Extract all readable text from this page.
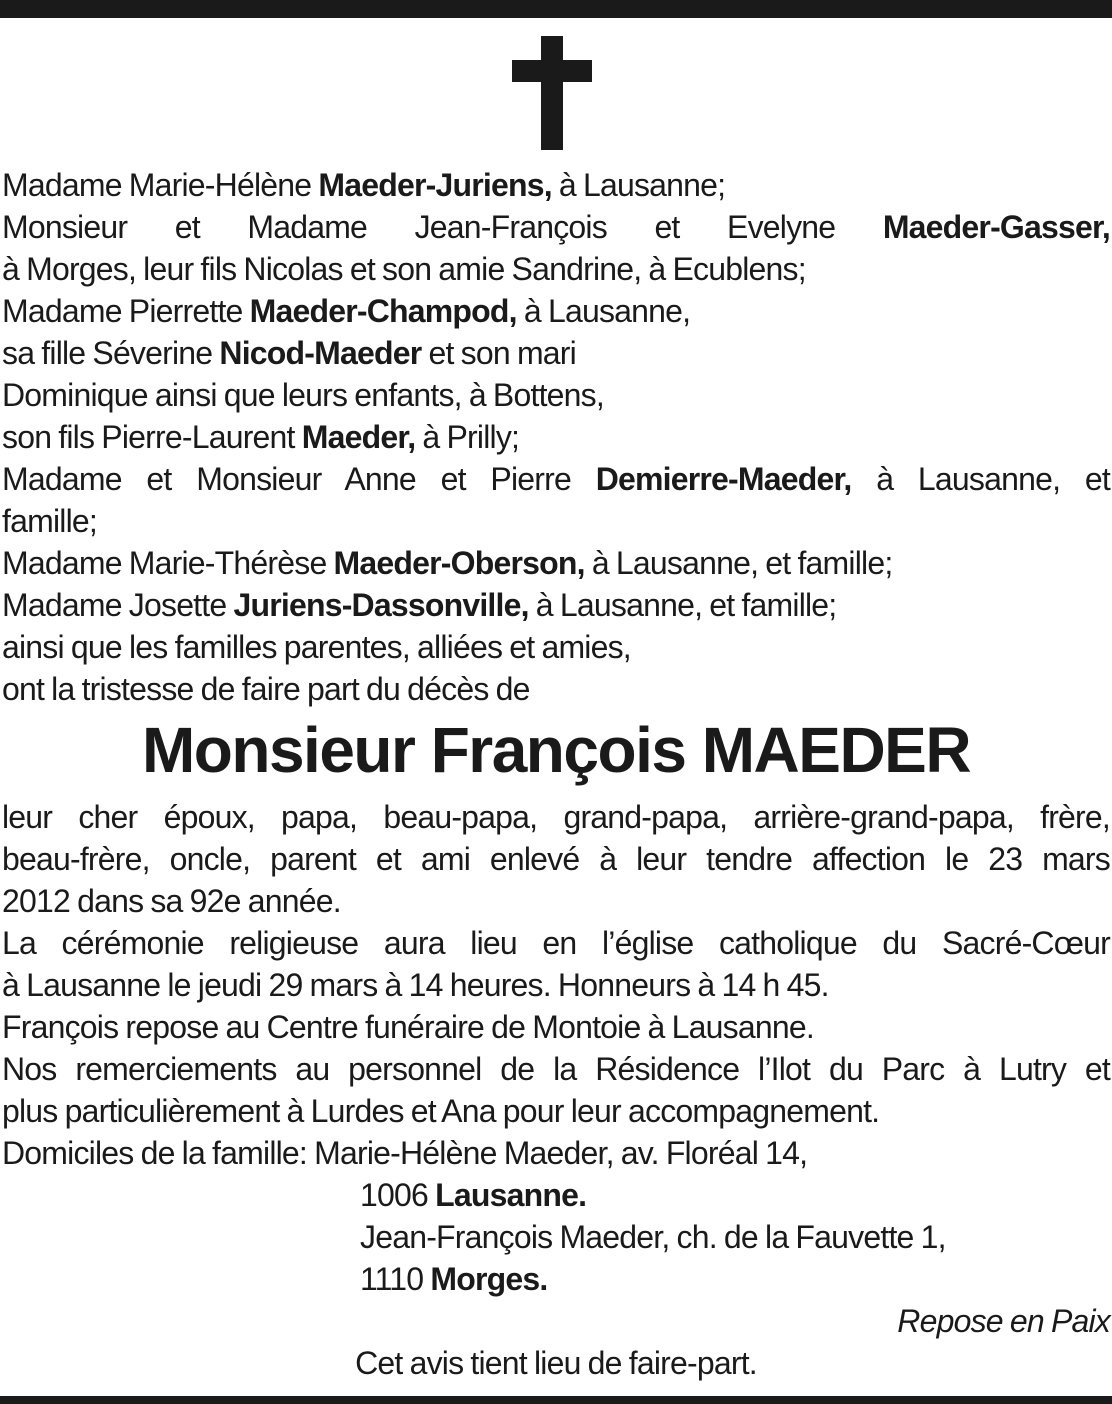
Madame Marie-Hélène Maeder-Juriens, à Lausanne;
Monsieur et Madame Jean-François et Evelyne Maeder-Gasser,
à Morges, leur fils Nicolas et son amie Sandrine, à Ecublens;
Madame Pierrette Maeder-Champod, à Lausanne,
sa fille Séverine Nicod-Maeder et son mari
Dominique ainsi que leurs enfants, à Bottens,
son fils Pierre-Laurent Maeder, à Prilly;
Madame et Monsieur Anne et Pierre Demierre-Maeder, à Lausanne, et
famille;
Madame Marie-Thérèse Maeder-Oberson, à Lausanne, et famille;
Madame Josette Juriens-Dassonville, à Lausanne, et famille;
ainsi que les familles parentes, alliées et amies,
ont la tristesse de faire part du décès de
Monsieur François MAEDER
leur cher époux, papa, beau-papa, grand-papa, arrière-grand-papa, frère,
beau-frère, oncle, parent et ami enlevé à leur tendre affection le 23 mars
2012 dans sa 92e année.
La cérémonie religieuse aura lieu en l’église catholique du Sacré-Cœur
à Lausanne le jeudi 29 mars à 14 heures. Honneurs à 14 h 45.
François repose au Centre funéraire de Montoie à Lausanne.
Nos remerciements au personnel de la Résidence l’Ilot du Parc à Lutry et
plus particulièrement à Lurdes et Ana pour leur accompagnement.
Domiciles de la famille: Marie-Hélène Maeder, av. Floréal 14,
1006 Lausanne.
Jean-François Maeder, ch. de la Fauvette 1,
1110 Morges.
Repose en Paix
Cet avis tient lieu de faire-part.
